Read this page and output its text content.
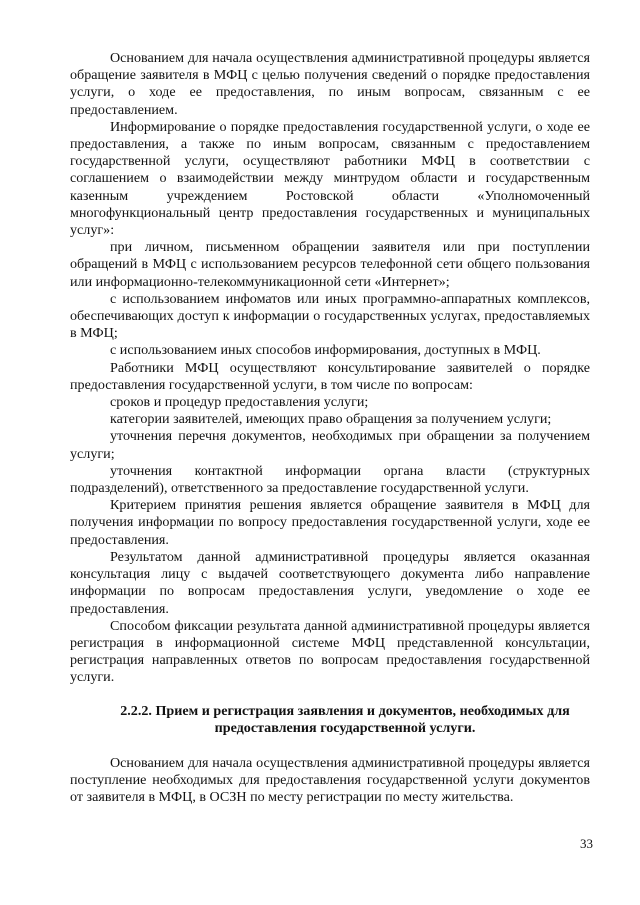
Основанием для начала осуществления административной процедуры является обращение заявителя в МФЦ с целью получения сведений о порядке предоставления услуги, о ходе ее предоставления, по иным вопросам, связанным с ее предоставлением.

Информирование о порядке предоставления государственной услуги, о ходе ее предоставления, а также по иным вопросам, связанным с предоставлением государственной услуги, осуществляют работники МФЦ в соответствии с соглашением о взаимодействии между минтрудом области и государственным казенным учреждением Ростовской области «Уполномоченный многофункциональный центр предоставления государственных и муниципальных услуг»:

при личном, письменном обращении заявителя или при поступлении обращений в МФЦ с использованием ресурсов телефонной сети общего пользования или информационно-телекоммуникационной сети «Интернет»;

с использованием инфоматов или иных программно-аппаратных комплексов, обеспечивающих доступ к информации о государственных услугах, предоставляемых в МФЦ;

с использованием иных способов информирования, доступных в МФЦ.

Работники МФЦ осуществляют консультирование заявителей о порядке предоставления государственной услуги, в том числе по вопросам:

сроков и процедур предоставления услуги;

категории заявителей, имеющих право обращения за получением услуги;

уточнения перечня документов, необходимых при обращении за получением услуги;

уточнения контактной информации органа власти (структурных подразделений), ответственного за предоставление государственной услуги.

Критерием принятия решения является обращение заявителя в МФЦ для получения информации по вопросу предоставления государственной услуги, ходе ее предоставления.

Результатом данной административной процедуры является оказанная консультация лицу с выдачей соответствующего документа либо направление информации по вопросам предоставления услуги, уведомление о ходе ее предоставления.

Способом фиксации результата данной административной процедуры является регистрация в информационной системе МФЦ представленной консультации, регистрация направленных ответов по вопросам предоставления государственной услуги.

2.2.2. Прием и регистрация заявления и документов, необходимых для предоставления государственной услуги.

Основанием для начала осуществления административной процедуры является поступление необходимых для предоставления государственной услуги документов от заявителя в МФЦ, в ОСЗН по месту регистрации по месту жительства.

33
